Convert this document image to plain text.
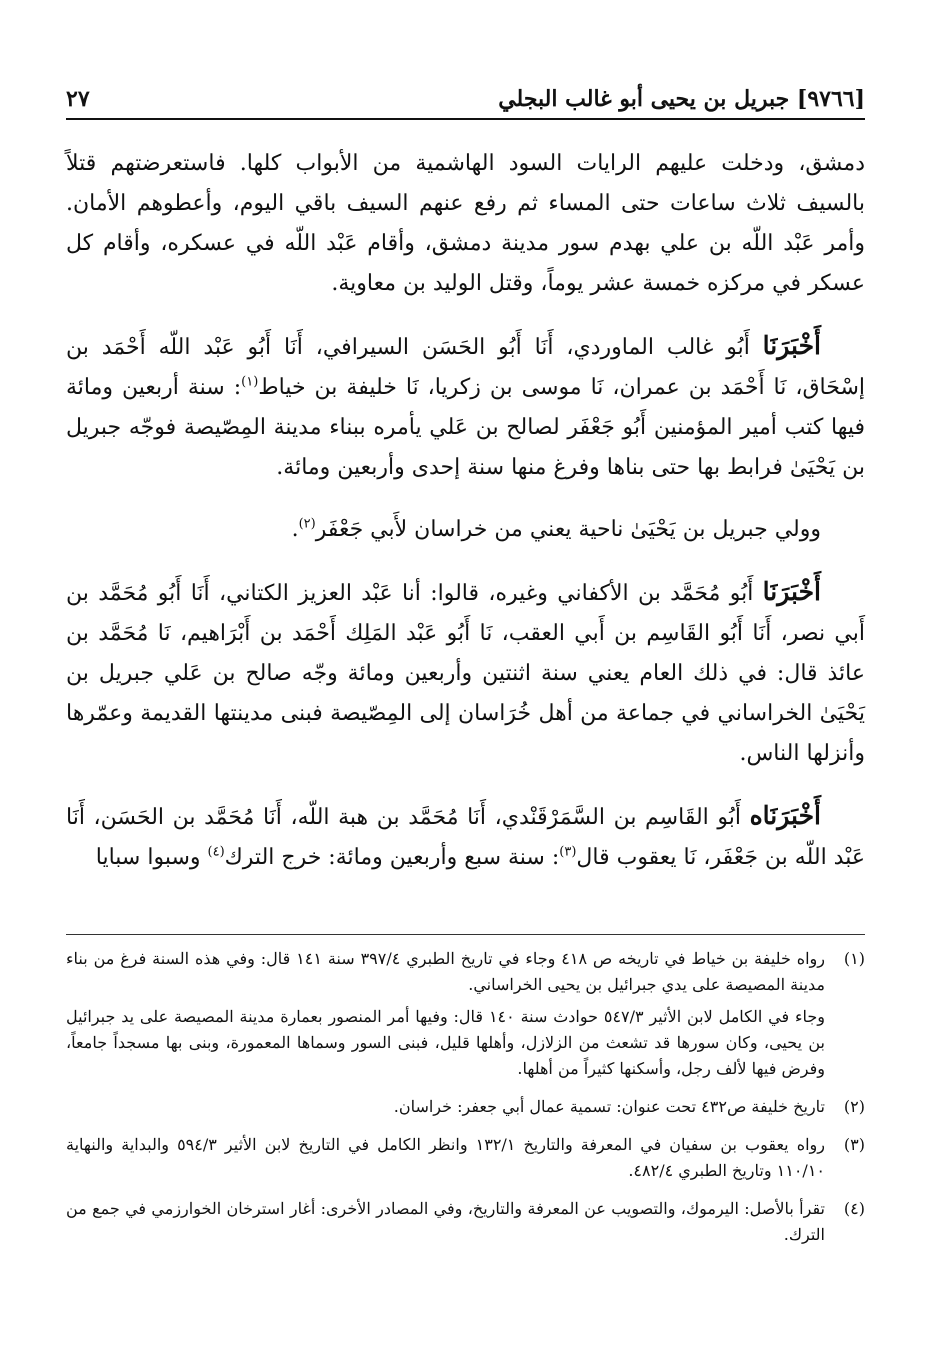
[٩٧٦٦] جبريل بن يحيى أبو غالب البجلي
٢٧

دمشق، ودخلت عليهم الرايات السود الهاشمية من الأبواب كلها. فاستعرضتهم قتلاً بالسيف ثلاث ساعات حتى المساء ثم رفع عنهم السيف باقي اليوم، وأعطوهم الأمان. وأمر عَبْد اللّه بن علي بهدم سور مدينة دمشق، وأقام عَبْد اللّه في عسكره، وأقام كل عسكر في مركزه خمسة عشر يوماً، وقتل الوليد بن معاوية.

أَخْبَرَنَا أَبُو غالب الماوردي، أَنَا أَبُو الحَسَن السيرافي، أَنَا أَبُو عَبْد اللّه أَحْمَد بن إسْحَاق، نَا أَحْمَد بن عمران، نَا موسى بن زكريا، نَا خليفة بن خياط$^{(١)}$: سنة أربعين ومائة فيها كتب أمير المؤمنين أَبُو جَعْفَر لصالح بن عَلي يأمره ببناء مدينة المِصّيصة فوجّه جبريل بن يَحْيَىٰ فرابط بها حتى بناها وفرغ منها سنة إحدى وأربعين ومائة.

وولي جبريل بن يَحْيَىٰ ناحية يعني من خراسان لأَبي جَعْفَر$^{(٢)}$.

أَخْبَرَنَا أَبُو مُحَمَّد بن الأكفاني وغيره، قالوا: أنا عَبْد العزيز الكتاني، أَنَا أَبُو مُحَمَّد بن أَبي نصر، أَنَا أَبُو القَاسِم بن أَبي العقب، نَا أَبُو عَبْد المَلِك أَحْمَد بن أَبْرَاهيم، نَا مُحَمَّد بن عائذ قال: في ذلك العام يعني سنة اثنتين وأربعين ومائة وجّه صالح بن عَلي جبريل بن يَحْيَىٰ الخراساني في جماعة من أهل خُرَاسان إلى المِصّيصة فبنى مدينتها القديمة وعمّرها وأنزلها الناس.

أَخْبَرَنَاه أَبُو القَاسِم بن السَّمَرْقَنْدي، أَنَا مُحَمَّد بن هبة اللّه، أَنَا مُحَمَّد بن الحَسَن، أَنَا عَبْد اللّه بن جَعْفَر، نَا يعقوب قال$^{(٣)}$: سنة سبع وأربعين ومائة: خرج الترك$^{(٤)}$ وسبوا سبايا

(١)

رواه خليفة بن خياط في تاريخه ص ٤١٨ وجاء في تاريخ الطبري ٣٩٧/٤ سنة ١٤١ قال: وفي هذه السنة فرغ من بناء مدينة المصيصة على يدي جبرائيل بن يحيى الخراساني.

وجاء في الكامل لابن الأثير ٥٤٧/٣ حوادث سنة ١٤٠ قال: وفيها أمر المنصور بعمارة مدينة المصيصة على يد جبرائيل بن يحيى، وكان سورها قد تشعث من الزلازل، وأهلها قليل، فبنى السور وسماها المعمورة، وبنى بها مسجداً جامعاً، وفرض فيها لألف رجل، وأسكنها كثيراً من أهلها.

(٢)

تاريخ خليفة ص٤٣٢ تحت عنوان: تسمية عمال أبي جعفر: خراسان.

(٣)

رواه يعقوب بن سفيان في المعرفة والتاريخ ١٣٢/١ وانظر الكامل في التاريخ لابن الأثير ٥٩٤/٣ والبداية والنهاية ١١٠/١٠ وتاريخ الطبري ٤٨٢/٤.

(٤)

تقرأ بالأصل: اليرموك، والتصويب عن المعرفة والتاريخ، وفي المصادر الأخرى: أغار استرخان الخوارزمي في جمع من الترك.
